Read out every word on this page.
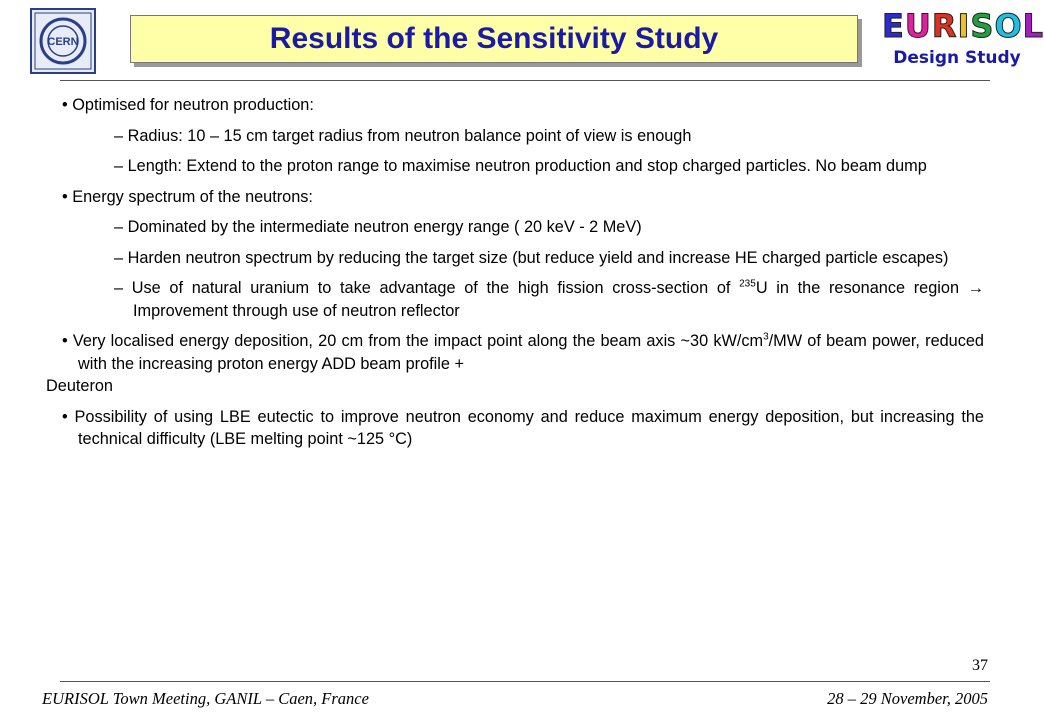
CERN	Results of the Sensitivity Study	EURISOL
Design Study
• Optimised for neutron production:
– Radius: 10 – 15 cm target radius from neutron balance point of view is enough
– Length: Extend to the proton range to maximise neutron production and stop charged particles. No beam dump
• Energy spectrum of the neutrons:
– Dominated by the intermediate neutron energy range ( 20 keV - 2 MeV)
– Harden neutron spectrum by reducing the target size (but reduce yield and increase HE charged particle escapes)
– Use of natural uranium to take advantage of the high fission cross-section of $^{235}$U in the resonance region → Improvement through use of neutron reflector
• Very localised energy deposition, 20 cm from the impact point along the beam axis ~30 $kW/cm^3/MW$ of beam power, reduced with the increasing proton energy ADD beam profile +
Deuteron
• Possibility of using LBE eutectic to improve neutron economy and reduce maximum energy deposition, but increasing the technical difficulty (LBE melting point ~125 °C)
37
EURISOL Town Meeting, GANIL – Caen, France	28 – 29 November, 2005
